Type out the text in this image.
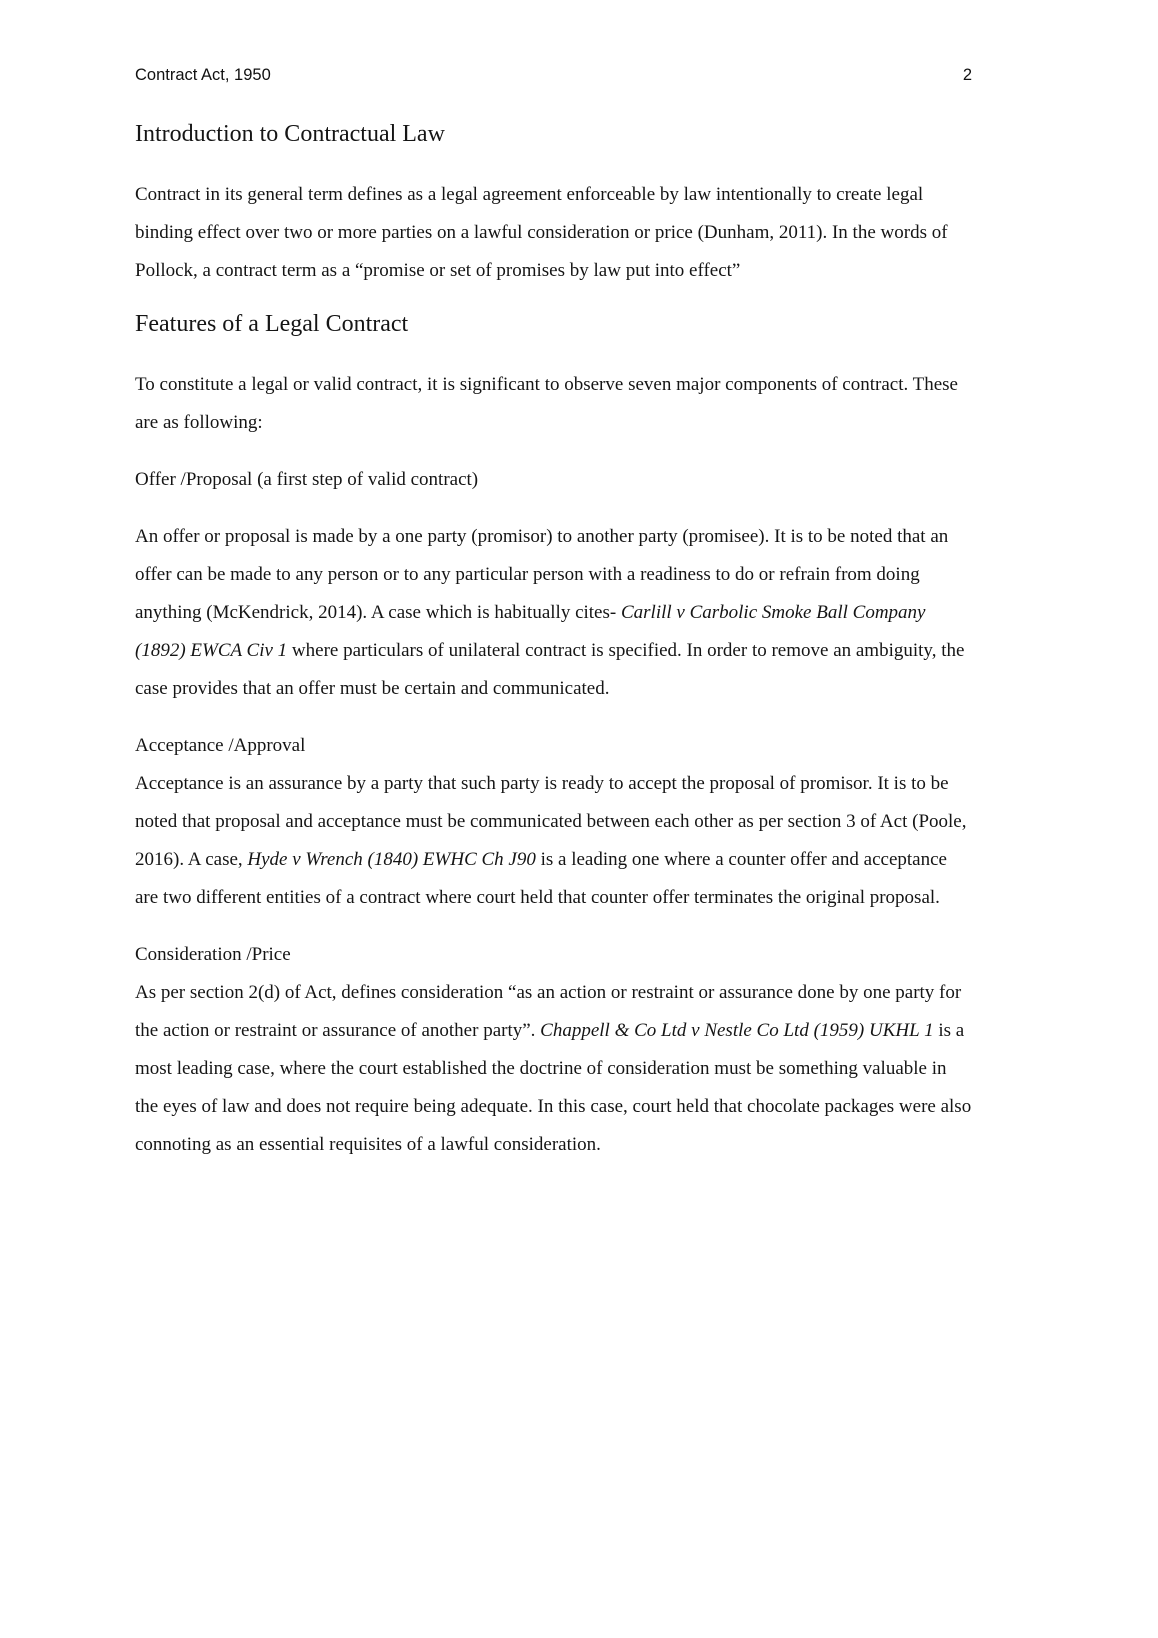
Contract Act, 1950	2
Introduction to Contractual Law

Contract in its general term defines as a legal agreement enforceable by law intentionally to create legal binding effect over two or more parties on a lawful consideration or price (Dunham, 2011). In the words of Pollock, a contract term as a “promise or set of promises by law put into effect”

Features of a Legal Contract

To constitute a legal or valid contract, it is significant to observe seven major components of contract. These are as following:

Offer /Proposal (a first step of valid contract)

An offer or proposal is made by a one party (promisor) to another party (promisee). It is to be noted that an offer can be made to any person or to any particular person with a readiness to do or refrain from doing anything (McKendrick, 2014). A case which is habitually cites- Carlill v Carbolic Smoke Ball Company (1892) EWCA Civ 1 where particulars of unilateral contract is specified. In order to remove an ambiguity, the case provides that an offer must be certain and communicated.

Acceptance /Approval

Acceptance is an assurance by a party that such party is ready to accept the proposal of promisor. It is to be noted that proposal and acceptance must be communicated between each other as per section 3 of Act (Poole, 2016). A case, Hyde v Wrench (1840) EWHC Ch J90 is a leading one where a counter offer and acceptance are two different entities of a contract where court held that counter offer terminates the original proposal.

Consideration /Price

As per section 2(d) of Act, defines consideration “as an action or restraint or assurance done by one party for the action or restraint or assurance of another party”. Chappell & Co Ltd v Nestle Co Ltd (1959) UKHL 1 is a most leading case, where the court established the doctrine of consideration must be something valuable in the eyes of law and does not require being adequate. In this case, court held that chocolate packages were also connoting as an essential requisites of a lawful consideration.
